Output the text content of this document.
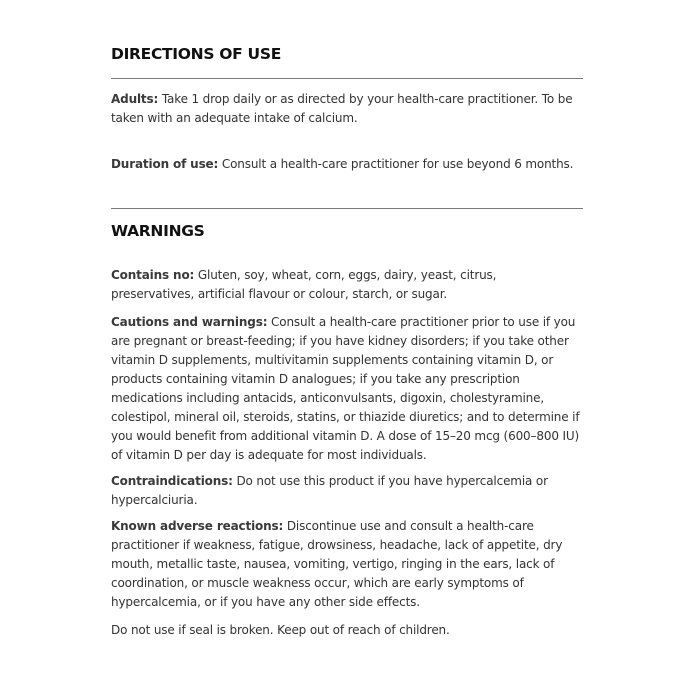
DIRECTIONS OF USE

Adults: Take 1 drop daily or as directed by your health-care practitioner. To be taken with an adequate intake of calcium.

Duration of use: Consult a health-care practitioner for use beyond 6 months.

WARNINGS

Contains no: Gluten, soy, wheat, corn, eggs, dairy, yeast, citrus, preservatives, artificial flavour or colour, starch, or sugar.

Cautions and warnings: Consult a health-care practitioner prior to use if you are pregnant or breast-feeding; if you have kidney disorders; if you take other vitamin D supplements, multivitamin supplements containing vitamin D, or products containing vitamin D analogues; if you take any prescription medications including antacids, anticonvulsants, digoxin, cholestyramine, colestipol, mineral oil, steroids, statins, or thiazide diuretics; and to determine if you would benefit from additional vitamin D. A dose of 15–20 mcg (600–800 IU) of vitamin D per day is adequate for most individuals.

Contraindications: Do not use this product if you have hypercalcemia or hypercalciuria.

Known adverse reactions: Discontinue use and consult a health-care practitioner if weakness, fatigue, drowsiness, headache, lack of appetite, dry mouth, metallic taste, nausea, vomiting, vertigo, ringing in the ears, lack of coordination, or muscle weakness occur, which are early symptoms of hypercalcemia, or if you have any other side effects.

Do not use if seal is broken. Keep out of reach of children.
